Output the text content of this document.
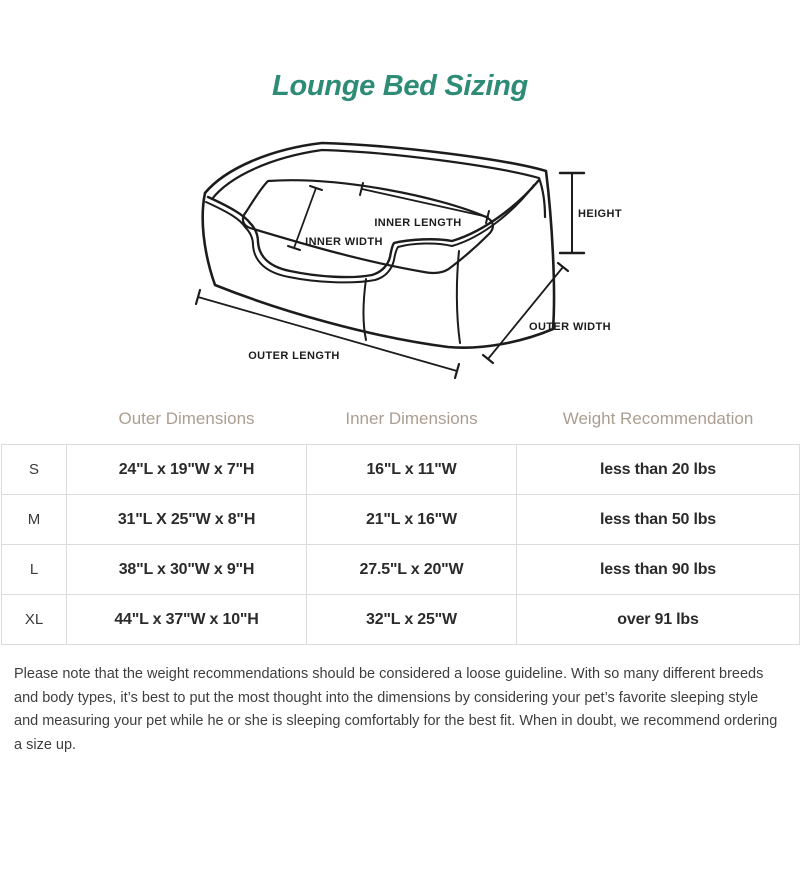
Lounge Bed Sizing
INNER LENGTH
INNER WIDTH
HEIGHT
OUTER WIDTH
OUTER LENGTH
	Outer Dimensions	Inner Dimensions	Weight Recommendation
S	24"L x 19"W x 7"H	16"L x 11"W	less than 20 lbs
M	31"L X 25"W x 8"H	21"L x 16"W	less than 50 lbs
L	38"L x 30"W x 9"H	27.5"L x 20"W	less than 90 lbs
XL	44"L x 37"W x 10"H	32"L x 25"W	over 91 lbs

Please note that the weight recommendations should be considered a loose guideline. With so many different breeds and body types, it’s best to put the most thought into the dimensions by considering your pet’s favorite sleeping style and measuring your pet while he or she is sleeping comfortably for the best fit. When in doubt, we recommend ordering a size up.
